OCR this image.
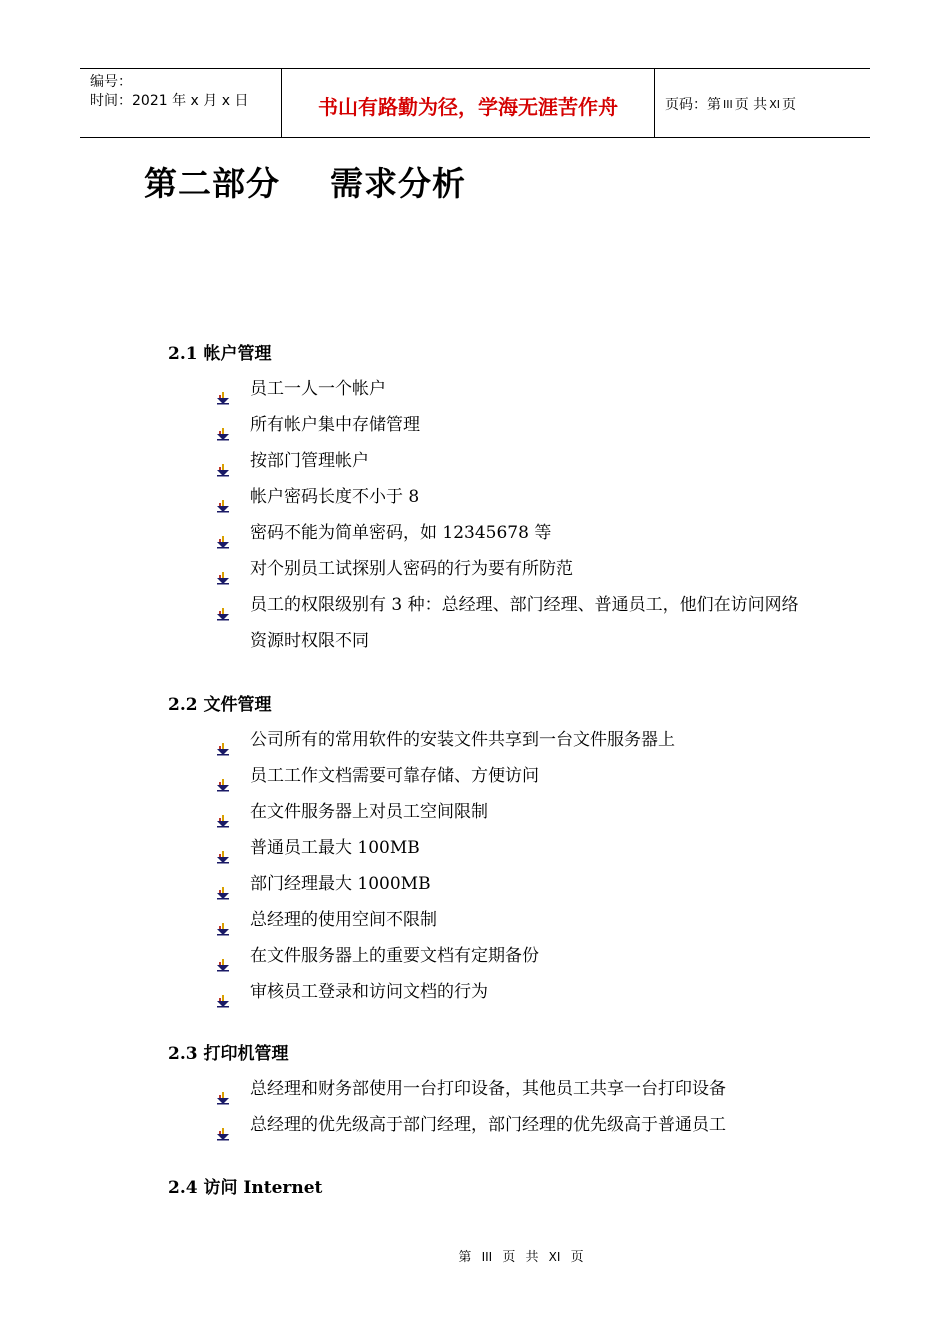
编号：
时间：2021 年 x 月 x 日	书山有路勤为径，学海无涯苦作舟	页码：第 III 页 共 XI 页
第二部分    需求分析
2.1 帐户管理
员工一人一个帐户
所有帐户集中存储管理
按部门管理帐户
帐户密码长度不小于 8
密码不能为简单密码，如 12345678 等
对个别员工试探别人密码的行为要有所防范
员工的权限级别有 3 种：总经理、部门经理、普通员工，他们在访问网络资源时权限不同
2.2 文件管理
公司所有的常用软件的安装文件共享到一台文件服务器上
员工工作文档需要可靠存储、方便访问
在文件服务器上对员工空间限制
普通员工最大 100MB
部门经理最大 1000MB
总经理的使用空间不限制
在文件服务器上的重要文档有定期备份
审核员工登录和访问文档的行为
2.3 打印机管理
总经理和财务部使用一台打印设备，其他员工共享一台打印设备
总经理的优先级高于部门经理，部门经理的优先级高于普通员工
2.4 访问 Internet
第 III 页 共 XI 页
